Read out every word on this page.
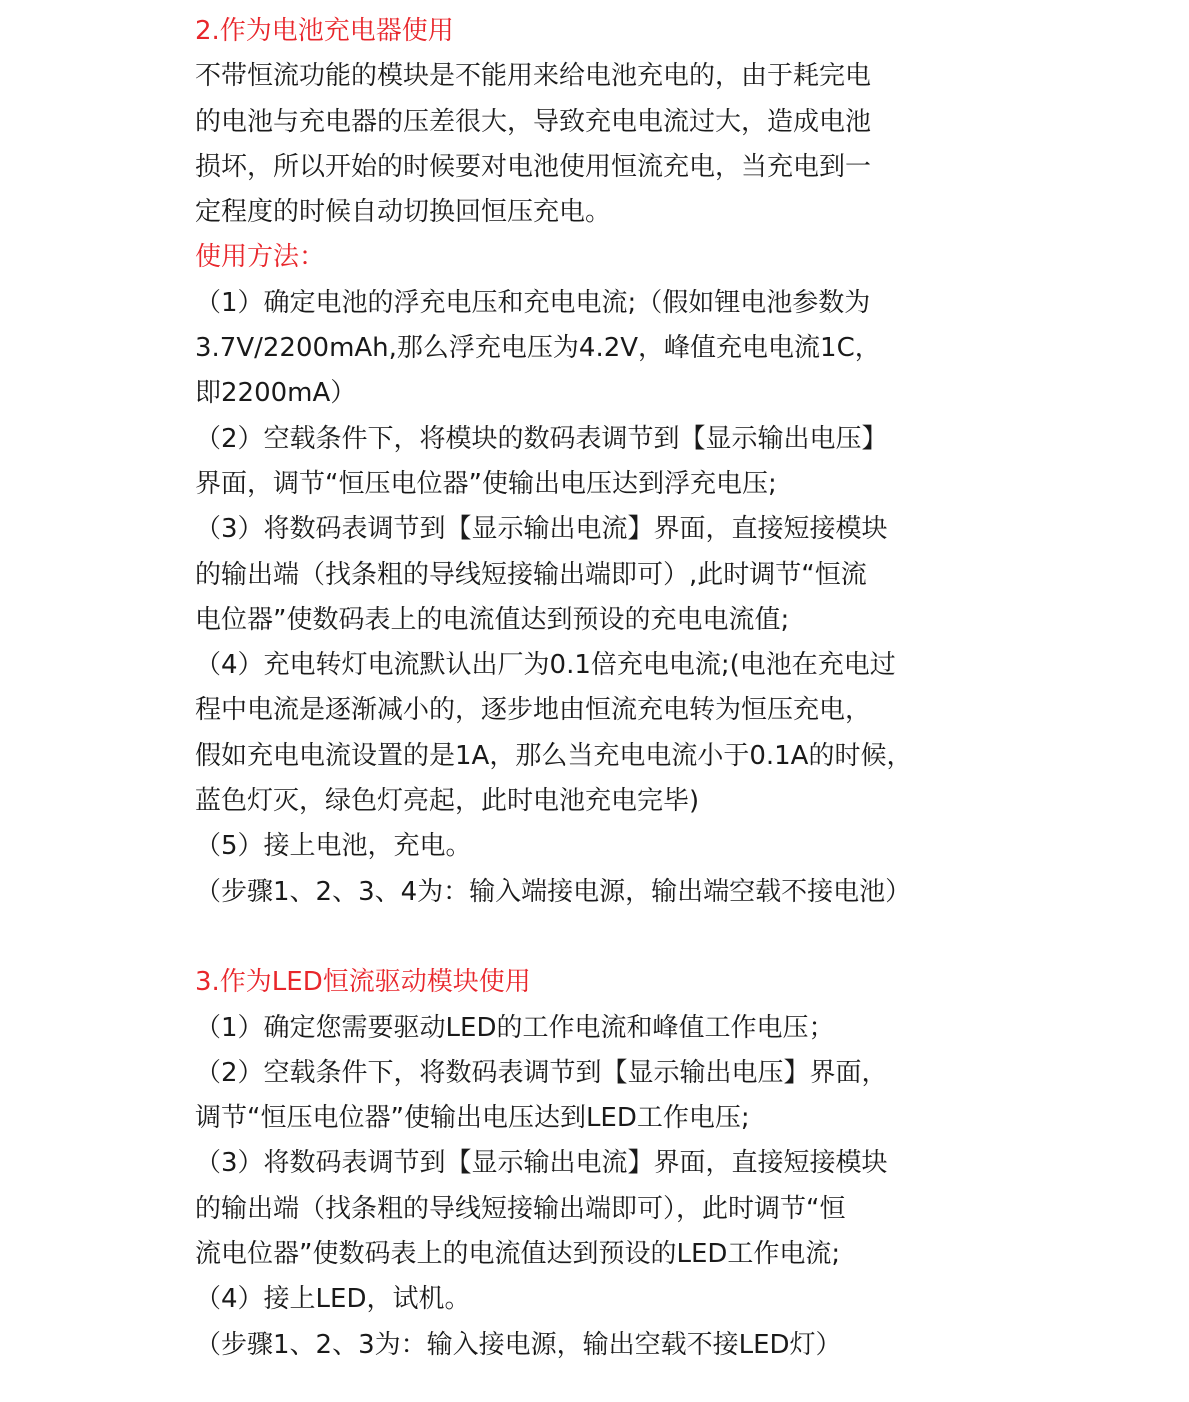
2.作为电池充电器使用
不带恒流功能的模块是不能用来给电池充电的，由于耗完电
的电池与充电器的压差很大，导致充电电流过大，造成电池
损坏，所以开始的时候要对电池使用恒流充电，当充电到一
定程度的时候自动切换回恒压充电。
使用方法：
（1）确定电池的浮充电压和充电电流;（假如锂电池参数为
3.7V/2200mAh,那么浮充电压为4.2V，峰值充电电流1C，
即2200mA）
（2）空载条件下，将模块的数码表调节到【显示输出电压】
界面，调节“恒压电位器”使输出电压达到浮充电压;
（3）将数码表调节到【显示输出电流】界面，直接短接模块
的输出端（找条粗的导线短接输出端即可）,此时调节“恒流
电位器”使数码表上的电流值达到预设的充电电流值;
（4）充电转灯电流默认出厂为0.1倍充电电流;(电池在充电过
程中电流是逐渐减小的，逐步地由恒流充电转为恒压充电，
假如充电电流设置的是1A，那么当充电电流小于0.1A的时候，
蓝色灯灭，绿色灯亮起，此时电池充电完毕)
（5）接上电池，充电。
（步骤1、2、3、4为：输入端接电源，输出端空载不接电池）
3.作为LED恒流驱动模块使用
（1）确定您需要驱动LED的工作电流和峰值工作电压；
（2）空载条件下，将数码表调节到【显示输出电压】界面，
调节“恒压电位器”使输出电压达到LED工作电压;
（3）将数码表调节到【显示输出电流】界面，直接短接模块
的输出端（找条粗的导线短接输出端即可），此时调节“恒
流电位器”使数码表上的电流值达到预设的LED工作电流;
（4）接上LED，试机。
（步骤1、2、3为：输入接电源，输出空载不接LED灯）
